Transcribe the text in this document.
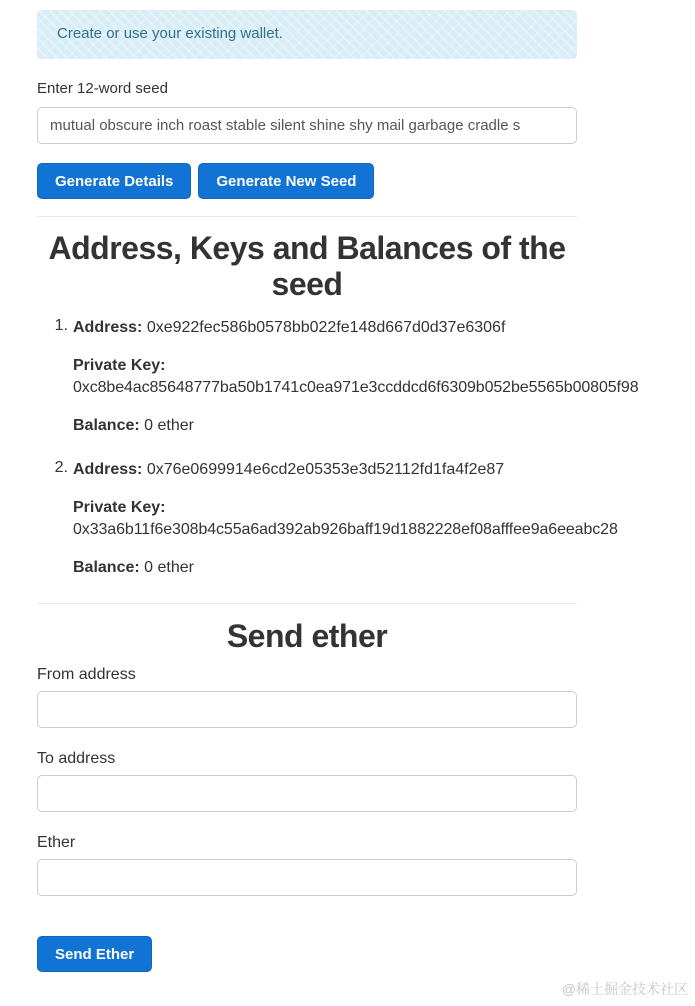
Create or use your existing wallet.
Enter 12-word seed
mutual obscure inch roast stable silent shine shy mail garbage cradle s
Generate Details	Generate New Seed
Address, Keys and Balances of the seed
1. Address: 0xe922fec586b0578bb022fe148d667d0d37e6306f

Private Key:
0xc8be4ac85648777ba50b1741c0ea971e3ccddcd6f6309b052be5565b00805f98

Balance: 0 ether

2. Address: 0x76e0699914e6cd2e05353e3d52112fd1fa4f2e87

Private Key:
0x33a6b11f6e308b4c55a6ad392ab926baff19d1882228ef08afffee9a6eeabc28

Balance: 0 ether

Send ether
From address
To address
Ether
Send Ether
@稀土掘金技术社区
